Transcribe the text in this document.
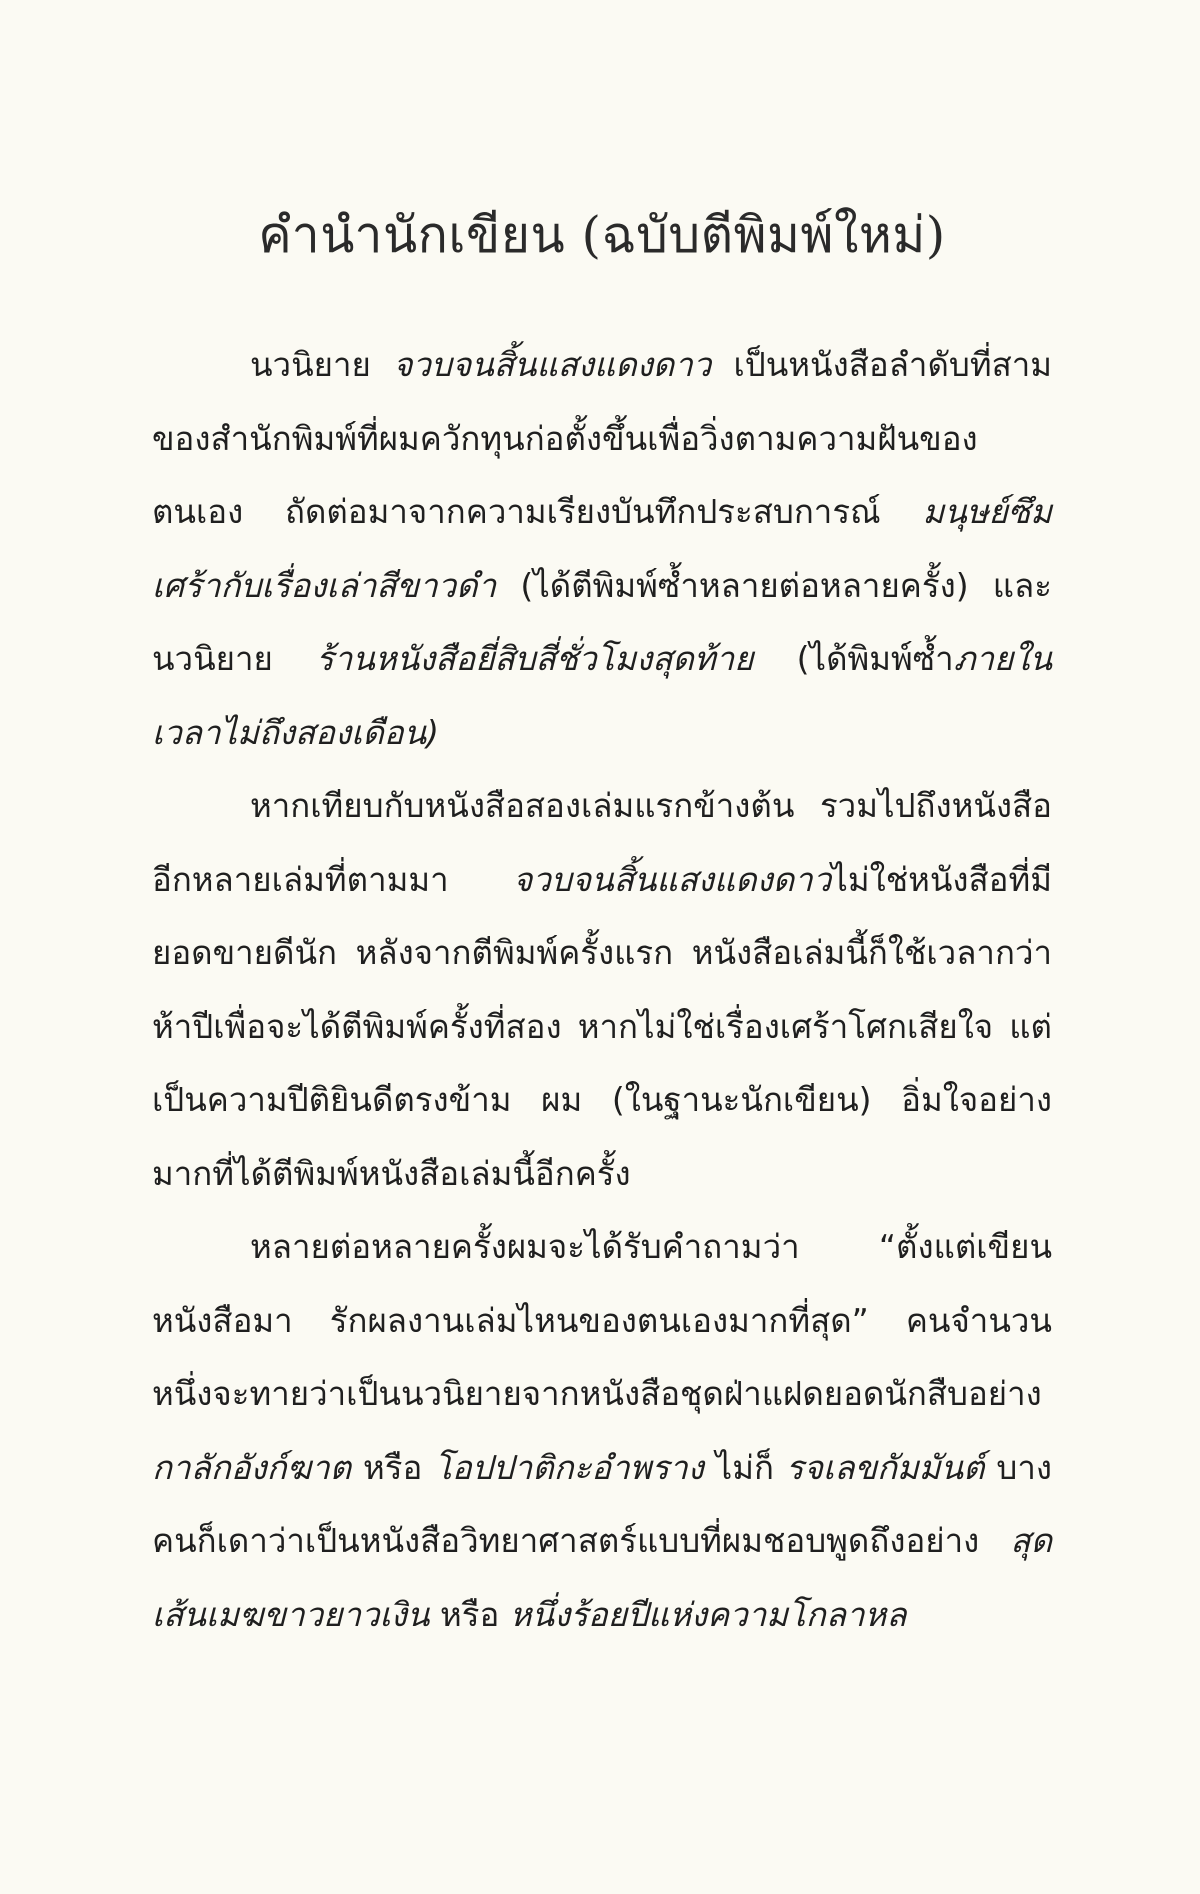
คำนำนักเขียน (ฉบับตีพิมพ์ใหม่)

นวนิยาย จวบจนสิ้นแสงแดงดาว เป็นหนังสือลำดับที่สามของสำนักพิมพ์ที่ผมควักทุนก่อตั้งขึ้นเพื่อวิ่งตามความฝันของตนเอง ถัดต่อมาจากความเรียงบันทึกประสบการณ์ มนุษย์ซึมเศร้ากับเรื่องเล่าสีขาวดำ (ได้ตีพิมพ์ซ้ำหลายต่อหลายครั้ง) และนวนิยาย ร้านหนังสือยี่สิบสี่ชั่วโมงสุดท้าย (ได้พิมพ์ซ้ำภายในเวลาไม่ถึงสองเดือน)

หากเทียบกับหนังสือสองเล่มแรกข้างต้น รวมไปถึงหนังสืออีกหลายเล่มที่ตามมา จวบจนสิ้นแสงแดงดาวไม่ใช่หนังสือที่มียอดขายดีนัก หลังจากตีพิมพ์ครั้งแรก หนังสือเล่มนี้ก็ใช้เวลากว่าห้าปีเพื่อจะได้ตีพิมพ์ครั้งที่สอง หากไม่ใช่เรื่องเศร้าโศกเสียใจ แต่เป็นความปีติยินดีตรงข้าม ผม (ในฐานะนักเขียน) อิ่มใจอย่างมากที่ได้ตีพิมพ์หนังสือเล่มนี้อีกครั้ง

หลายต่อหลายครั้งผมจะได้รับคำถามว่า “ตั้งแต่เขียนหนังสือมา รักผลงานเล่มไหนของตนเองมากที่สุด” คนจำนวนหนึ่งจะทายว่าเป็นนวนิยายจากหนังสือชุดฝ่าแฝดยอดนักสืบอย่าง กาลักอังก์ฆาต หรือ โอปปาติกะอำพราง ไม่ก็ รจเลขกัมมันต์ บางคนก็เดาว่าเป็นหนังสือวิทยาศาสตร์แบบที่ผมชอบพูดถึงอย่าง สุดเส้นเมฆขาวยาวเงิน หรือ หนึ่งร้อยปีแห่งความโกลาหล
